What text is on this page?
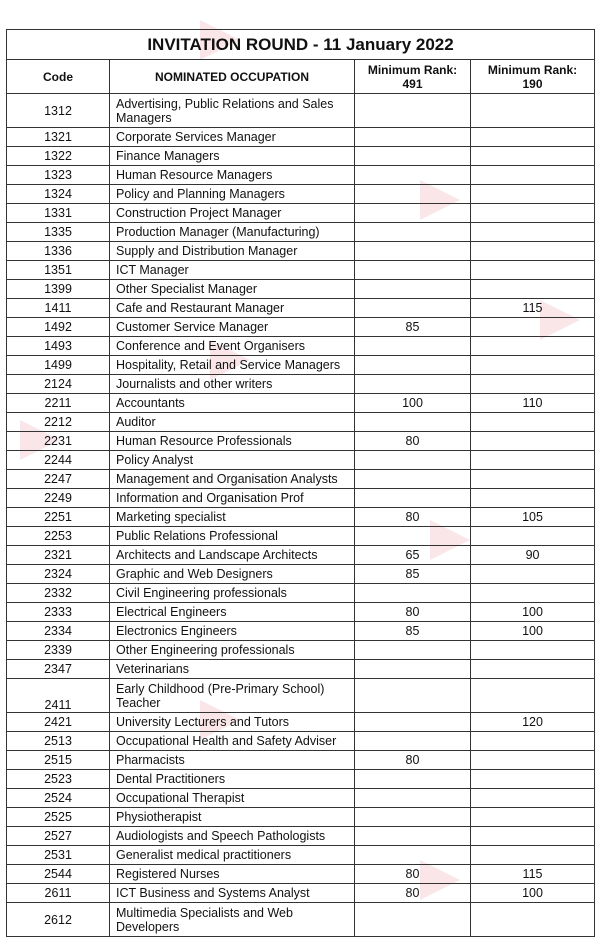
INVITATION ROUND - 11 January 2022			
Code	NOMINATED OCCUPATION	Minimum Rank: 491	Minimum Rank: 190
1312	Advertising, Public Relations and Sales Managers		
1321	Corporate Services Manager		
1322	Finance Managers		
1323	Human Resource Managers		
1324	Policy and Planning Managers		
1331	Construction Project Manager		
1335	Production Manager (Manufacturing)		
1336	Supply and Distribution Manager		
1351	ICT Manager		
1399	Other Specialist Manager		
1411	Cafe and Restaurant Manager		115
1492	Customer Service Manager	85	
1493	Conference and Event Organisers		
1499	Hospitality, Retail and Service Managers		
2124	Journalists and other writers		
2211	Accountants	100	110
2212	Auditor		
2231	Human Resource Professionals	80	
2244	Policy Analyst		
2247	Management and Organisation Analysts		
2249	Information and Organisation Prof		
2251	Marketing specialist	80	105
2253	Public Relations Professional		
2321	Architects and Landscape Architects	65	90
2324	Graphic and Web Designers	85	
2332	Civil Engineering professionals		
2333	Electrical Engineers	80	100
2334	Electronics Engineers	85	100
2339	Other Engineering professionals		
2347	Veterinarians		
2411	Early Childhood (Pre-Primary School) Teacher		
2421	University Lecturers and Tutors		120
2513	Occupational Health and Safety Adviser		
2515	Pharmacists	80	
2523	Dental Practitioners		
2524	Occupational Therapist		
2525	Physiotherapist		
2527	Audiologists and Speech Pathologists		
2531	Generalist medical practitioners		
2544	Registered Nurses	80	115
2611	ICT Business and Systems Analyst	80	100
2612	Multimedia Specialists and Web Developers		
